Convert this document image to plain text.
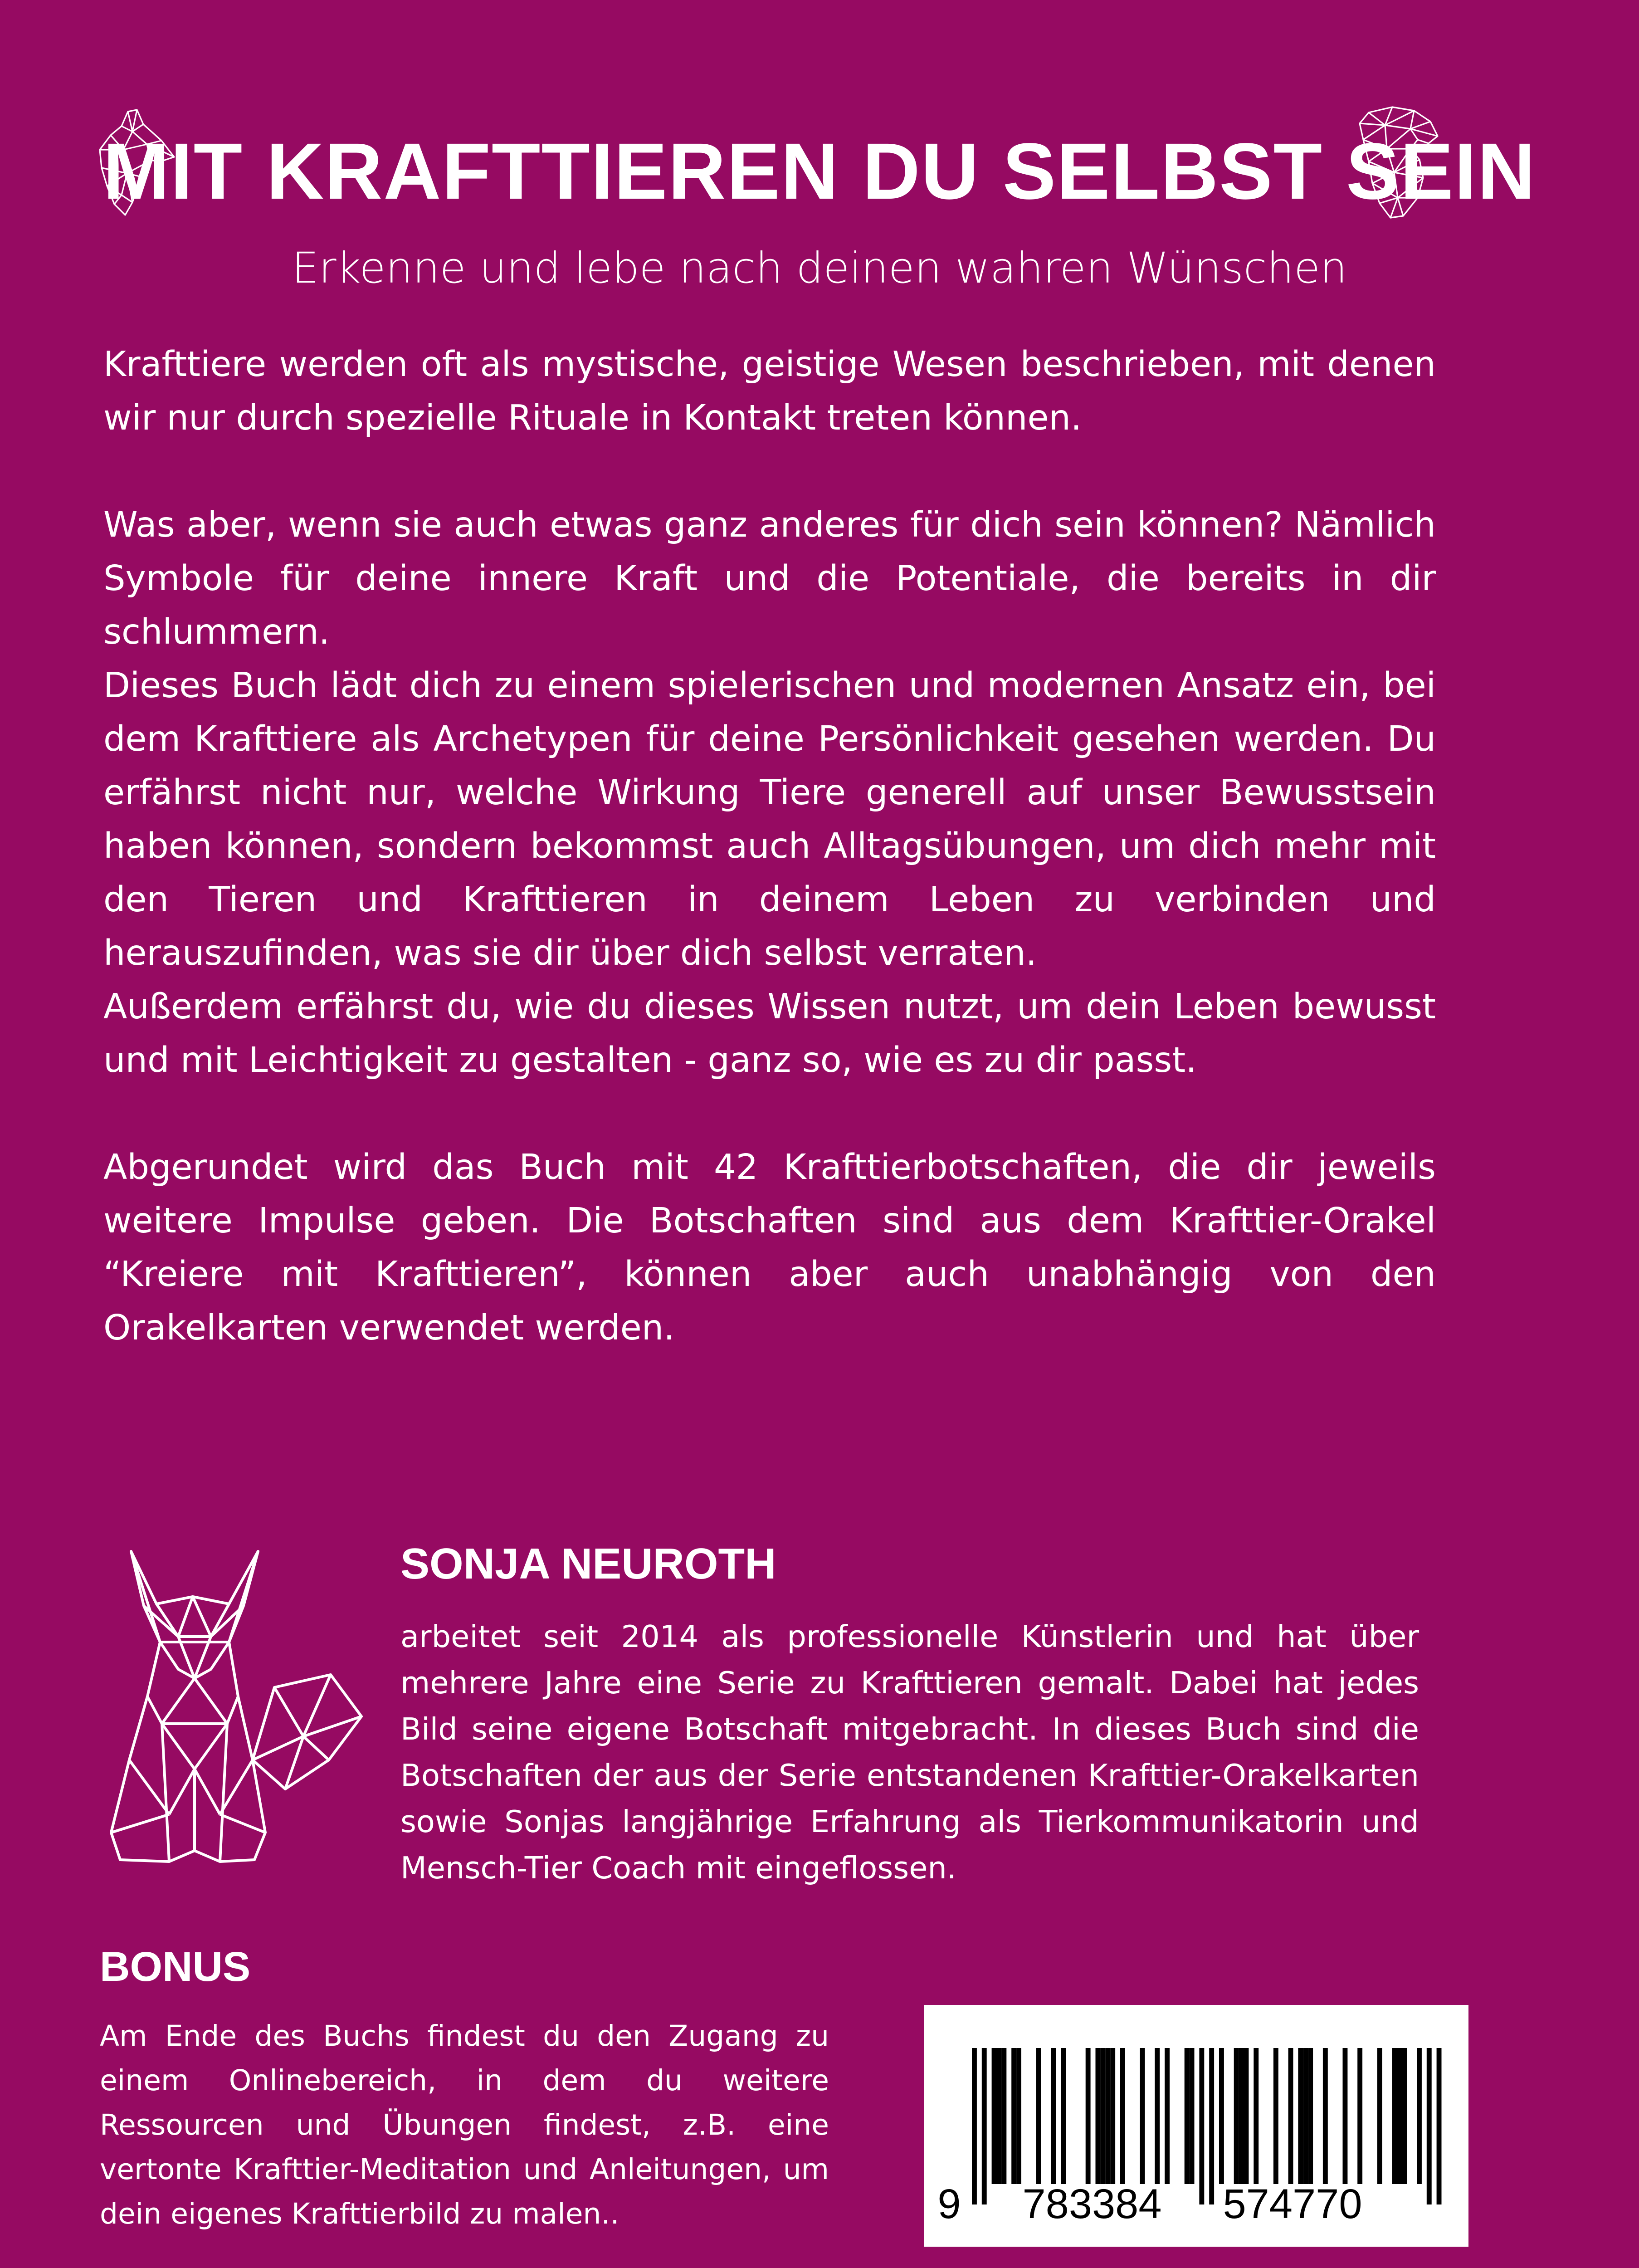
MIT KRAFTTIEREN DU SELBST SEIN
Erkenne und lebe nach deinen wahren Wünschen

Krafttiere werden oft als mystische, geistige Wesen beschrieben, mit denen wir nur durch spezielle Rituale in Kontakt treten können.

Was aber, wenn sie auch etwas ganz anderes für dich sein können? Nämlich Symbole für deine innere Kraft und die Potentiale, die bereits in dir schlummern.

Dieses Buch lädt dich zu einem spielerischen und modernen Ansatz ein, bei dem Krafttiere als Archetypen für deine Persönlichkeit gesehen werden. Du erfährst nicht nur, welche Wirkung Tiere generell auf unser Bewusstsein haben können, sondern bekommst auch Alltagsübungen, um dich mehr mit den Tieren und Krafttieren in deinem Leben zu verbinden und herauszufinden, was sie dir über dich selbst verraten.

Außerdem erfährst du, wie du dieses Wissen nutzt, um dein Leben bewusst und mit Leichtigkeit zu gestalten - ganz so, wie es zu dir passt.

Abgerundet wird das Buch mit 42 Krafttierbotschaften, die dir jeweils weitere Impulse geben. Die Botschaften sind aus dem Krafttier-Orakel “Kreiere mit Krafttieren”, können aber auch unabhängig von den Orakelkarten verwendet werden.

SONJA NEUROTH
arbeitet seit 2014 als professionelle Künstlerin und hat über mehrere Jahre eine Serie zu Krafttieren gemalt. Dabei hat jedes Bild seine eigene Botschaft mitgebracht. In dieses Buch sind die Botschaften der aus der Serie entstandenen Krafttier-Orakelkarten sowie Sonjas langjährige Erfahrung als Tierkommunikatorin und Mensch-Tier Coach mit eingeflossen.
BONUS
Am Ende des Buchs findest du den Zugang zu einem Onlinebereich, in dem du weitere Ressourcen und Übungen findest, z.B. eine vertonte Krafttier-Meditation und Anleitungen, um dein eigenes Krafttierbild zu malen..	9 783384 574770
